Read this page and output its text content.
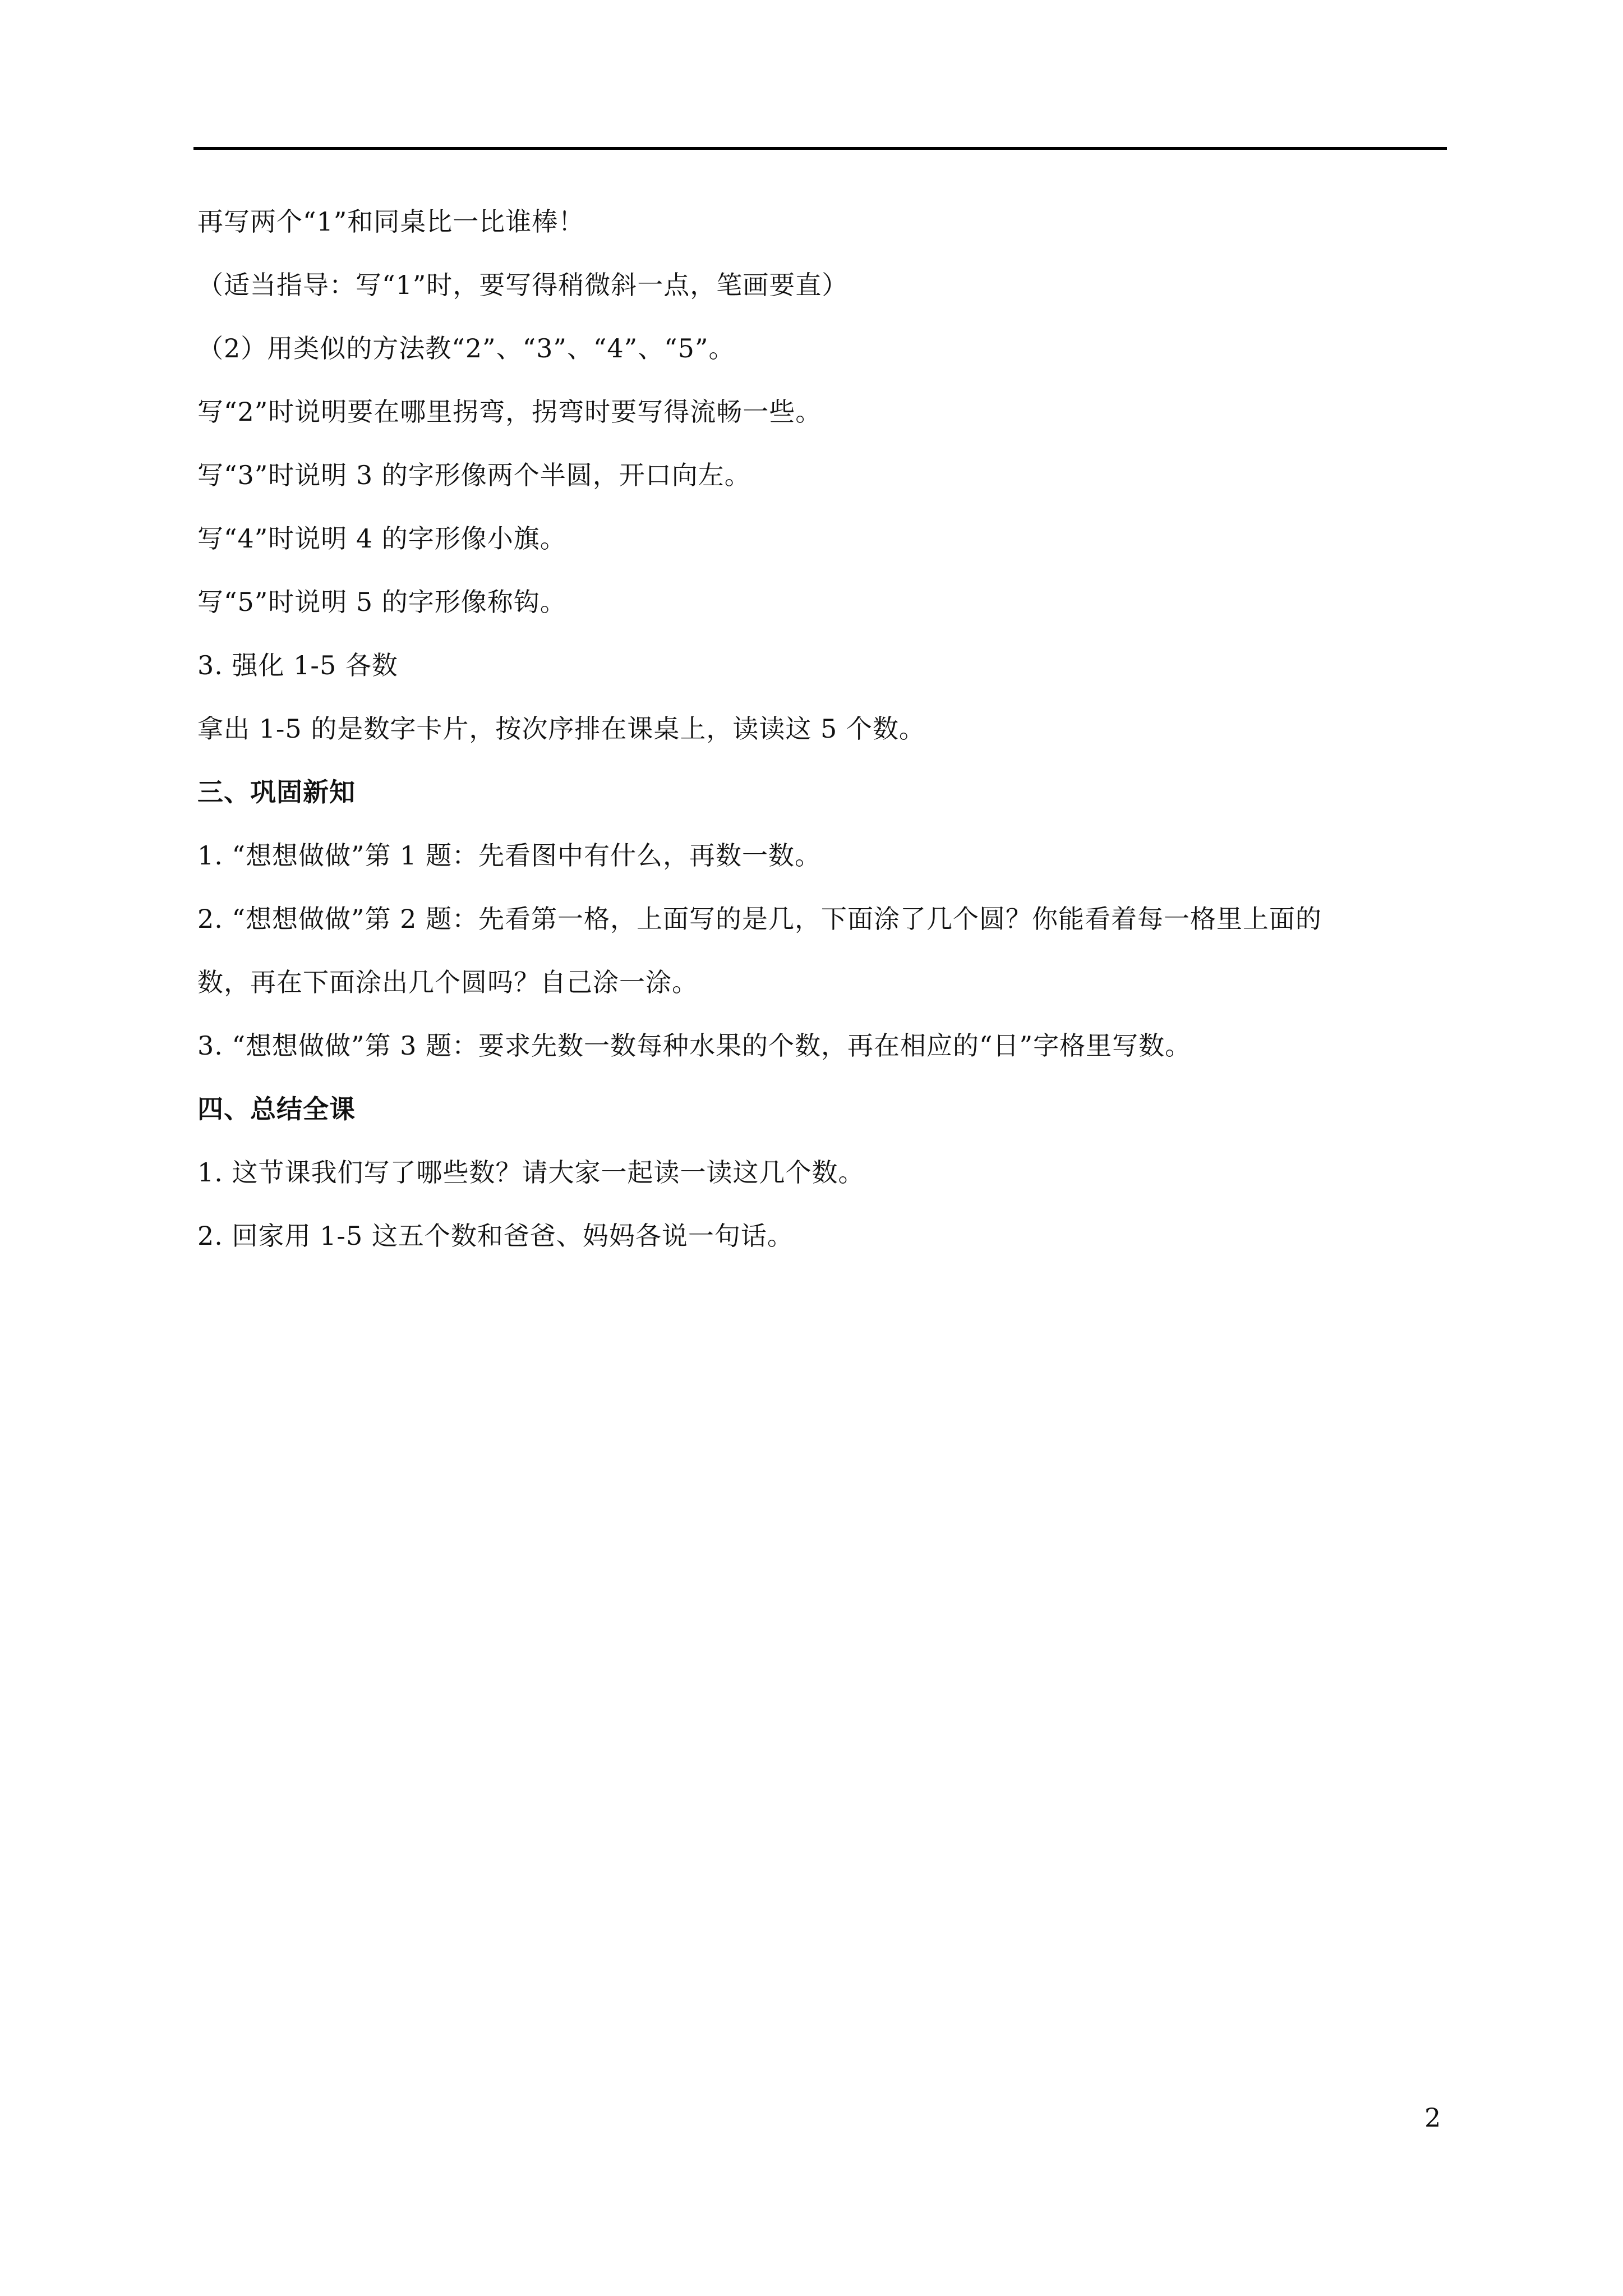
再写两个“1”和同桌比一比谁棒！
（适当指导：写“1”时，要写得稍微斜一点，笔画要直）
（2）用类似的方法教“2”、“3”、“4”、“5”。
写“2”时说明要在哪里拐弯，拐弯时要写得流畅一些。
写“3”时说明 3 的字形像两个半圆，开口向左。
写“4”时说明 4 的字形像小旗。
写“5”时说明 5 的字形像称钩。
3. 强化 1-5 各数
拿出 1-5 的是数字卡片，按次序排在课桌上，读读这 5 个数。
三、巩固新知
1. “想想做做”第 1 题：先看图中有什么，再数一数。
2. “想想做做”第 2 题：先看第一格，上面写的是几，下面涂了几个圆？你能看着每一格里上面的
数，再在下面涂出几个圆吗？自己涂一涂。
3. “想想做做”第 3 题：要求先数一数每种水果的个数，再在相应的“日”字格里写数。
四、总结全课
1. 这节课我们写了哪些数？请大家一起读一读这几个数。
2. 回家用 1-5 这五个数和爸爸、妈妈各说一句话。
2
